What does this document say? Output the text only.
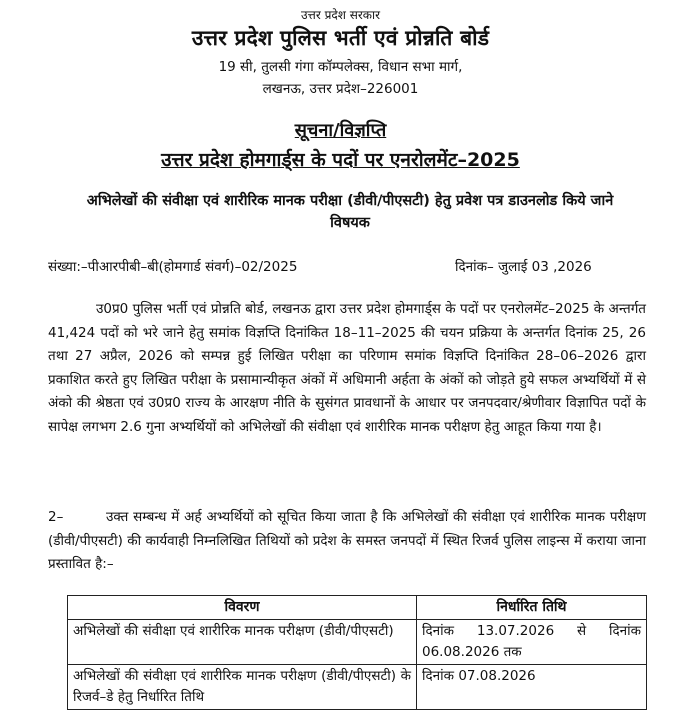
उत्तर प्रदेश सरकार
उत्तर प्रदेश पुलिस भर्ती एवं प्रोन्नति बोर्ड
19 सी, तुलसी गंगा कॉम्पलेक्स, विधान सभा मार्ग,
लखनऊ, उत्तर प्रदेश–226001
सूचना/विज्ञप्ति
उत्तर प्रदेश होमगार्ड्स के पदों पर एनरोलमेंट–2025
अभिलेखों की संवीक्षा एवं शारीरिक मानक परीक्षा (डीवी/पीएसटी) हेतु प्रवेश पत्र डाउनलोड किये जाने विषयक
संख्या:–पीआरपीबी–बी(होमगार्ड संवर्ग)–02/2025	दिनांक– जुलाई 03 ,2026
उ0प्र0 पुलिस भर्ती एवं प्रोन्नति बोर्ड, लखनऊ द्वारा उत्तर प्रदेश होमगार्ड्स के पदों पर एनरोलमेंट–2025 के अन्तर्गत 41,424 पदों को भरे जाने हेतु समांक विज्ञप्ति दिनांकित 18–11–2025 की चयन प्रक्रिया के अन्तर्गत दिनांक 25, 26 तथा 27 अप्रैल, 2026 को सम्पन्न हुई लिखित परीक्षा का परिणाम समांक विज्ञप्ति दिनांकित 28–06–2026 द्वारा प्रकाशित करते हुए लिखित परीक्षा के प्रसामान्यीकृत अंकों में अधिमानी अर्हता के अंकों को जोड़ते हुये सफल अभ्यर्थियों में से अंको की श्रेष्ठता एवं उ0प्र0 राज्य के आरक्षण नीति के सुसंगत प्रावधानों के आधार पर जनपदवार/श्रेणीवार विज्ञापित पदों के सापेक्ष लगभग 2.6 गुना अभ्यर्थियों को अभिलेखों की संवीक्षा एवं शारीरिक मानक परीक्षण हेतु आहूत किया गया है।
2–	उक्त सम्बन्ध में अर्ह अभ्यर्थियों को सूचित किया जाता है कि अभिलेखों की संवीक्षा एवं शारीरिक मानक परीक्षण (डीवी/पीएसटी) की कार्यवाही निम्नलिखित तिथियों को प्रदेश के समस्त जनपदों में स्थित रिजर्व पुलिस लाइन्स में कराया जाना प्रस्तावित है:–
विवरण	निर्धारित तिथि
अभिलेखों की संवीक्षा एवं शारीरिक मानक परीक्षण (डीवी/पीएसटी)	दिनांक 13.07.2026 से दिनांक 06.08.2026 तक
अभिलेखों की संवीक्षा एवं शारीरिक मानक परीक्षण (डीवी/पीएसटी) के रिजर्व–डे हेतु निर्धारित तिथि	दिनांक 07.08.2026
